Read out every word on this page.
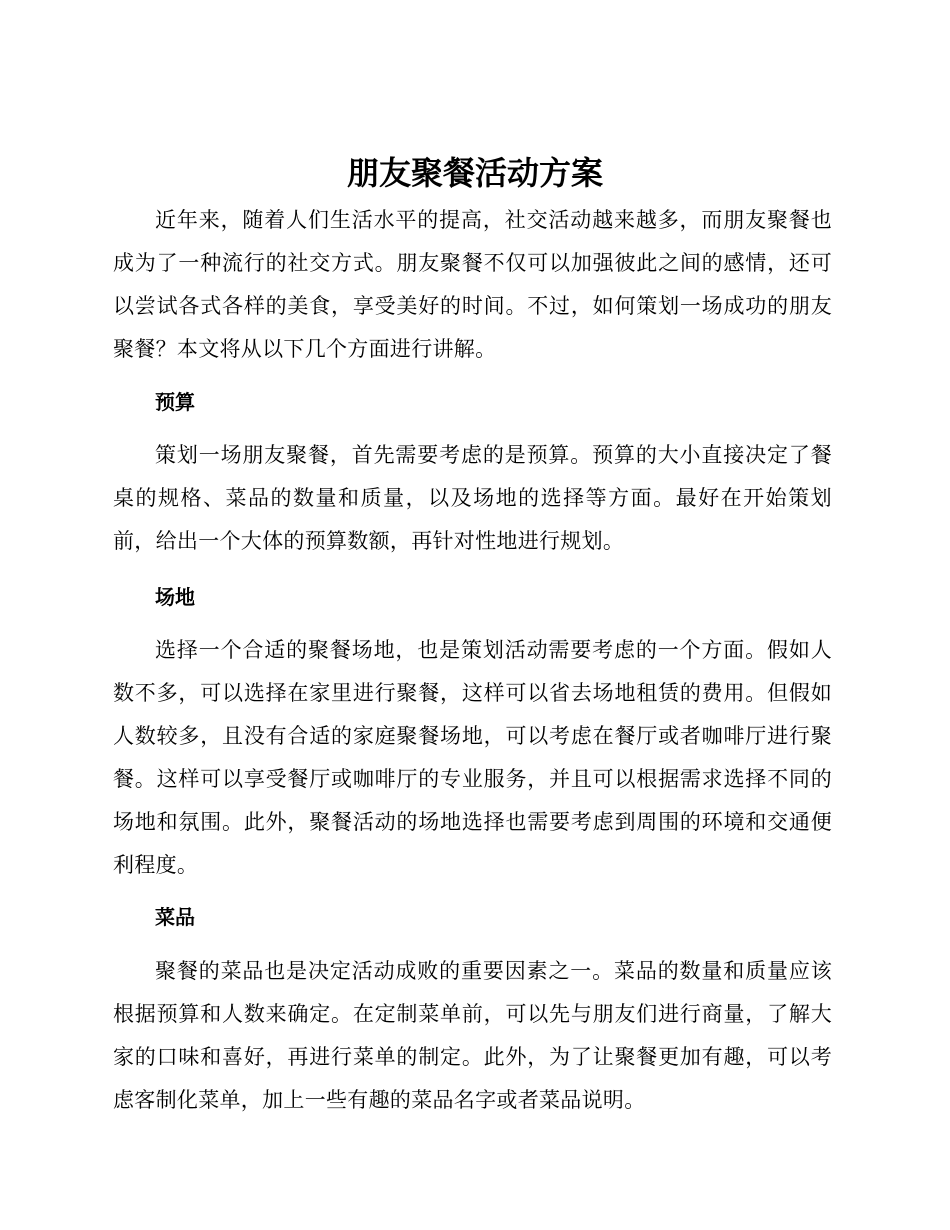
朋友聚餐活动方案

近年来，随着人们生活水平的提高，社交活动越来越多，而朋友聚餐也成为了一种流行的社交方式。朋友聚餐不仅可以加强彼此之间的感情，还可以尝试各式各样的美食，享受美好的时间。不过，如何策划一场成功的朋友聚餐？本文将从以下几个方面进行讲解。

预算

策划一场朋友聚餐，首先需要考虑的是预算。预算的大小直接决定了餐桌的规格、菜品的数量和质量，以及场地的选择等方面。最好在开始策划前，给出一个大体的预算数额，再针对性地进行规划。

场地

选择一个合适的聚餐场地，也是策划活动需要考虑的一个方面。假如人数不多，可以选择在家里进行聚餐，这样可以省去场地租赁的费用。但假如人数较多，且没有合适的家庭聚餐场地，可以考虑在餐厅或者咖啡厅进行聚餐。这样可以享受餐厅或咖啡厅的专业服务，并且可以根据需求选择不同的场地和氛围。此外，聚餐活动的场地选择也需要考虑到周围的环境和交通便利程度。

菜品

聚餐的菜品也是决定活动成败的重要因素之一。菜品的数量和质量应该根据预算和人数来确定。在定制菜单前，可以先与朋友们进行商量，了解大家的口味和喜好，再进行菜单的制定。此外，为了让聚餐更加有趣，可以考虑客制化菜单，加上一些有趣的菜品名字或者菜品说明。
